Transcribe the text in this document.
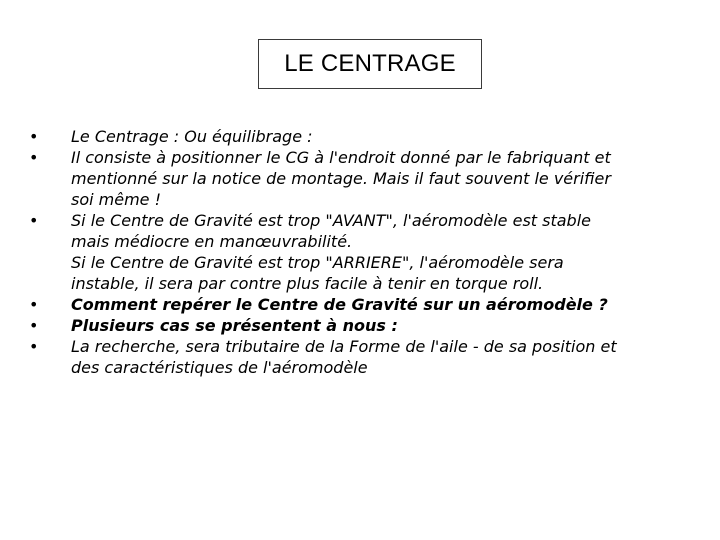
LE CENTRAGE
• Le Centrage : Ou équilibrage :
• Il consiste à positionner le CG à l'endroit donné par le fabriquant et
mentionné sur la notice de montage. Mais il faut souvent le vérifier
soi même !
• Si le Centre de Gravité est trop "AVANT", l'aéromodèle est stable
mais médiocre en manœuvrabilité.
Si le Centre de Gravité est trop "ARRIERE", l'aéromodèle sera
instable, il sera par contre plus facile à tenir en torque roll.
• Comment repérer le Centre de Gravité sur un aéromodèle ?
• Plusieurs cas se présentent à nous :
• La recherche, sera tributaire de la Forme de l'aile - de sa position et
des caractéristiques de l'aéromodèle
